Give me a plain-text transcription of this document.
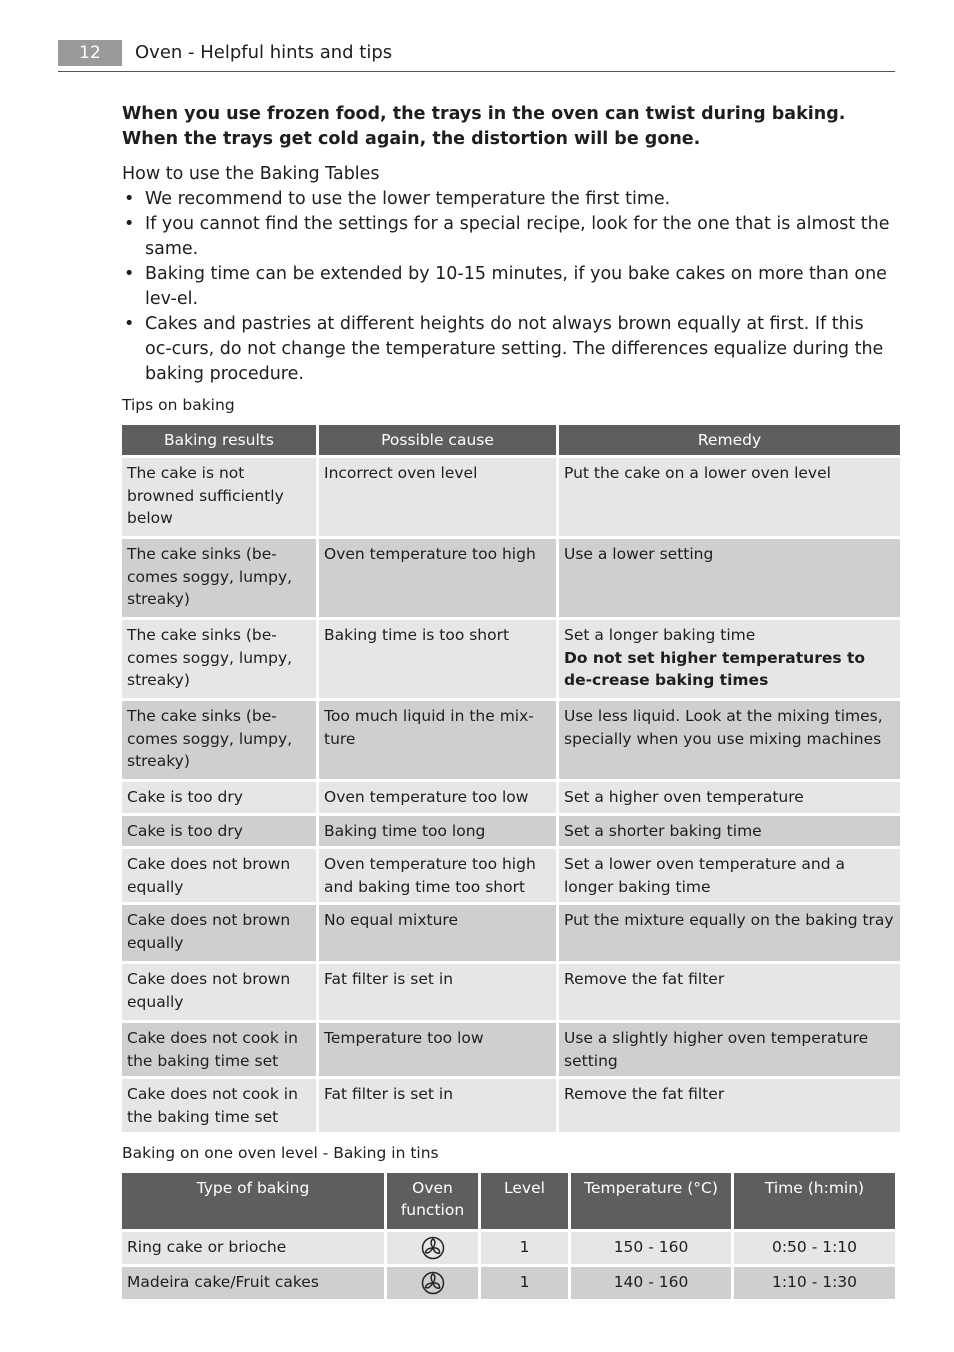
12	Oven - Helpful hints and tips

When you use frozen food, the trays in the oven can twist during baking. When the trays get cold again, the distortion will be gone.

How to use the Baking Tables

• We recommend to use the lower temperature the first time.
• If you cannot find the settings for a special recipe, look for the one that is almost the same.
• Baking time can be extended by 10-15 minutes, if you bake cakes on more than one lev-el.
• Cakes and pastries at different heights do not always brown equally at first. If this oc-curs, do not change the temperature setting. The differences equalize during the baking procedure.

Tips on baking

Baking results	Possible cause	Remedy
The cake is not browned sufficiently below	Incorrect oven level	Put the cake on a lower oven level
The cake sinks (be-comes soggy, lumpy, streaky)	Oven temperature too high	Use a lower setting
The cake sinks (be-comes soggy, lumpy, streaky)	Baking time is too short	Set a longer baking time
Do not set higher temperatures to de-crease baking times

The cake sinks (be-comes soggy, lumpy, streaky)	Too much liquid in the mix-ture	Use less liquid. Look at the mixing times, specially when you use mixing machines
Cake is too dry	Oven temperature too low	Set a higher oven temperature
Cake is too dry	Baking time too long	Set a shorter baking time
Cake does not brown equally	Oven temperature too high and baking time too short	Set a lower oven temperature and a longer baking time
Cake does not brown equally	No equal mixture	Put the mixture equally on the baking tray
Cake does not brown equally	Fat filter is set in	Remove the fat filter
Cake does not cook in the baking time set	Temperature too low	Use a slightly higher oven temperature setting
Cake does not cook in the baking time set	Fat filter is set in	Remove the fat filter

Baking on one oven level - Baking in tins

Type of baking	Oven function	Level	Temperature (°C)	Time (h:min)
Ring cake or brioche		1	150 - 160	0:50 - 1:10
Madeira cake/Fruit cakes		1	140 - 160	1:10 - 1:30
